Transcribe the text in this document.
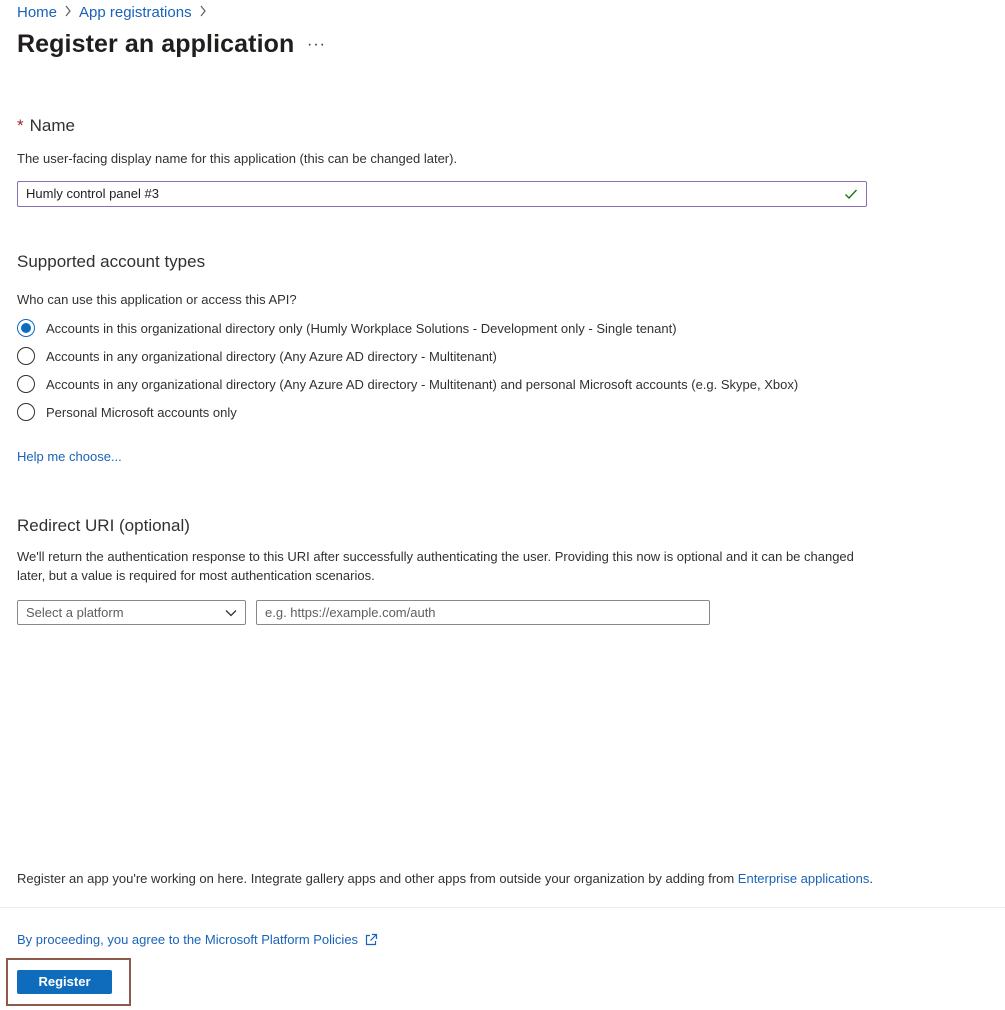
Home App registrations
Register an application ···
* Name
The user-facing display name for this application (this can be changed later).
Humly control panel #3
Supported account types
Who can use this application or access this API?
Accounts in this organizational directory only (Humly Workplace Solutions - Development only - Single tenant)
Accounts in any organizational directory (Any Azure AD directory - Multitenant)
Accounts in any organizational directory (Any Azure AD directory - Multitenant) and personal Microsoft accounts (e.g. Skype, Xbox)
Personal Microsoft accounts only
Help me choose...
Redirect URI (optional)
We'll return the authentication response to this URI after successfully authenticating the user. Providing this now is optional and it can be changed later, but a value is required for most authentication scenarios.
Select a platform	e.g. https://example.com/auth
Register an app you're working on here. Integrate gallery apps and other apps from outside your organization by adding from Enterprise applications.
By proceeding, you agree to the Microsoft Platform Policies
Register
